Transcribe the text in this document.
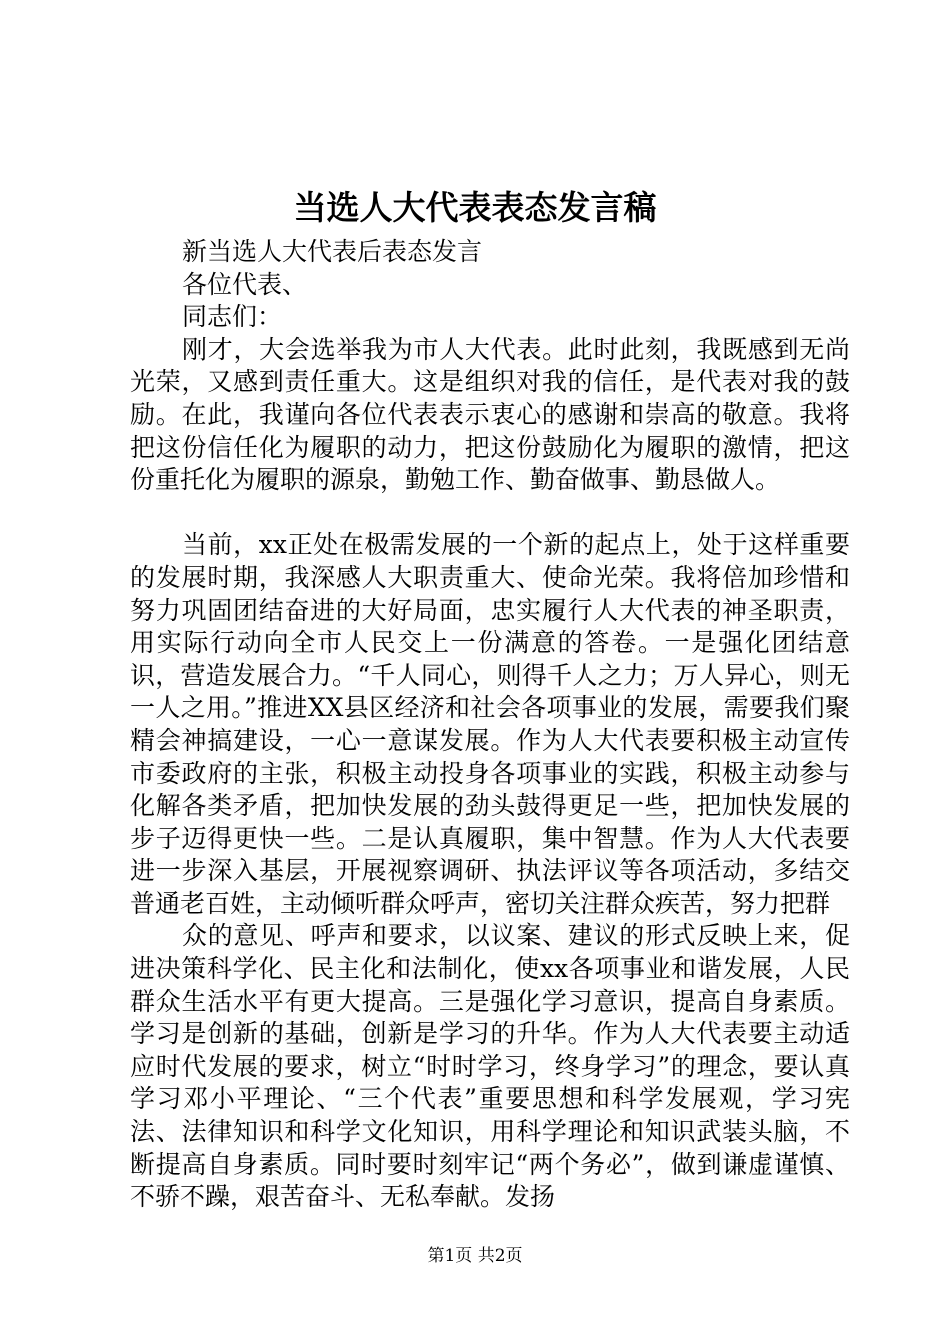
当选人大代表表态发言稿

新当选人大代表后表态发言

各位代表、

同志们：

刚才，大会选举我为市人大代表。此时此刻，我既感到无尚光荣，又感到责任重大。这是组织对我的信任，是代表对我的鼓励。在此，我谨向各位代表表示衷心的感谢和崇高的敬意。我将把这份信任化为履职的动力，把这份鼓励化为履职的激情，把这份重托化为履职的源泉，勤勉工作、勤奋做事、勤恳做人。

当前，xx正处在极需发展的一个新的起点上，处于这样重要的发展时期，我深感人大职责重大、使命光荣。我将倍加珍惜和努力巩固团结奋进的大好局面，忠实履行人大代表的神圣职责，用实际行动向全市人民交上一份满意的答卷。一是强化团结意识，营造发展合力。“千人同心，则得千人之力；万人异心，则无一人之用。”推进XX县区经济和社会各项事业的发展，需要我们聚精会神搞建设，一心一意谋发展。作为人大代表要积极主动宣传市委政府的主张，积极主动投身各项事业的实践，积极主动参与化解各类矛盾，把加快发展的劲头鼓得更足一些，把加快发展的步子迈得更快一些。二是认真履职，集中智慧。作为人大代表要进一步深入基层，开展视察调研、执法评议等各项活动，多结交普通老百姓，主动倾听群众呼声，密切关注群众疾苦，努力把群

众的意见、呼声和要求，以议案、建议的形式反映上来，促进决策科学化、民主化和法制化，使xx各项事业和谐发展，人民群众生活水平有更大提高。三是强化学习意识，提高自身素质。学习是创新的基础，创新是学习的升华。作为人大代表要主动适应时代发展的要求，树立“时时学习，终身学习”的理念，要认真学习邓小平理论、“三个代表”重要思想和科学发展观，学习宪法、法律知识和科学文化知识，用科学理论和知识武装头脑，不断提高自身素质。同时要时刻牢记“两个务必”，做到谦虚谨慎、不骄不躁，艰苦奋斗、无私奉献。发扬

第1页 共2页
